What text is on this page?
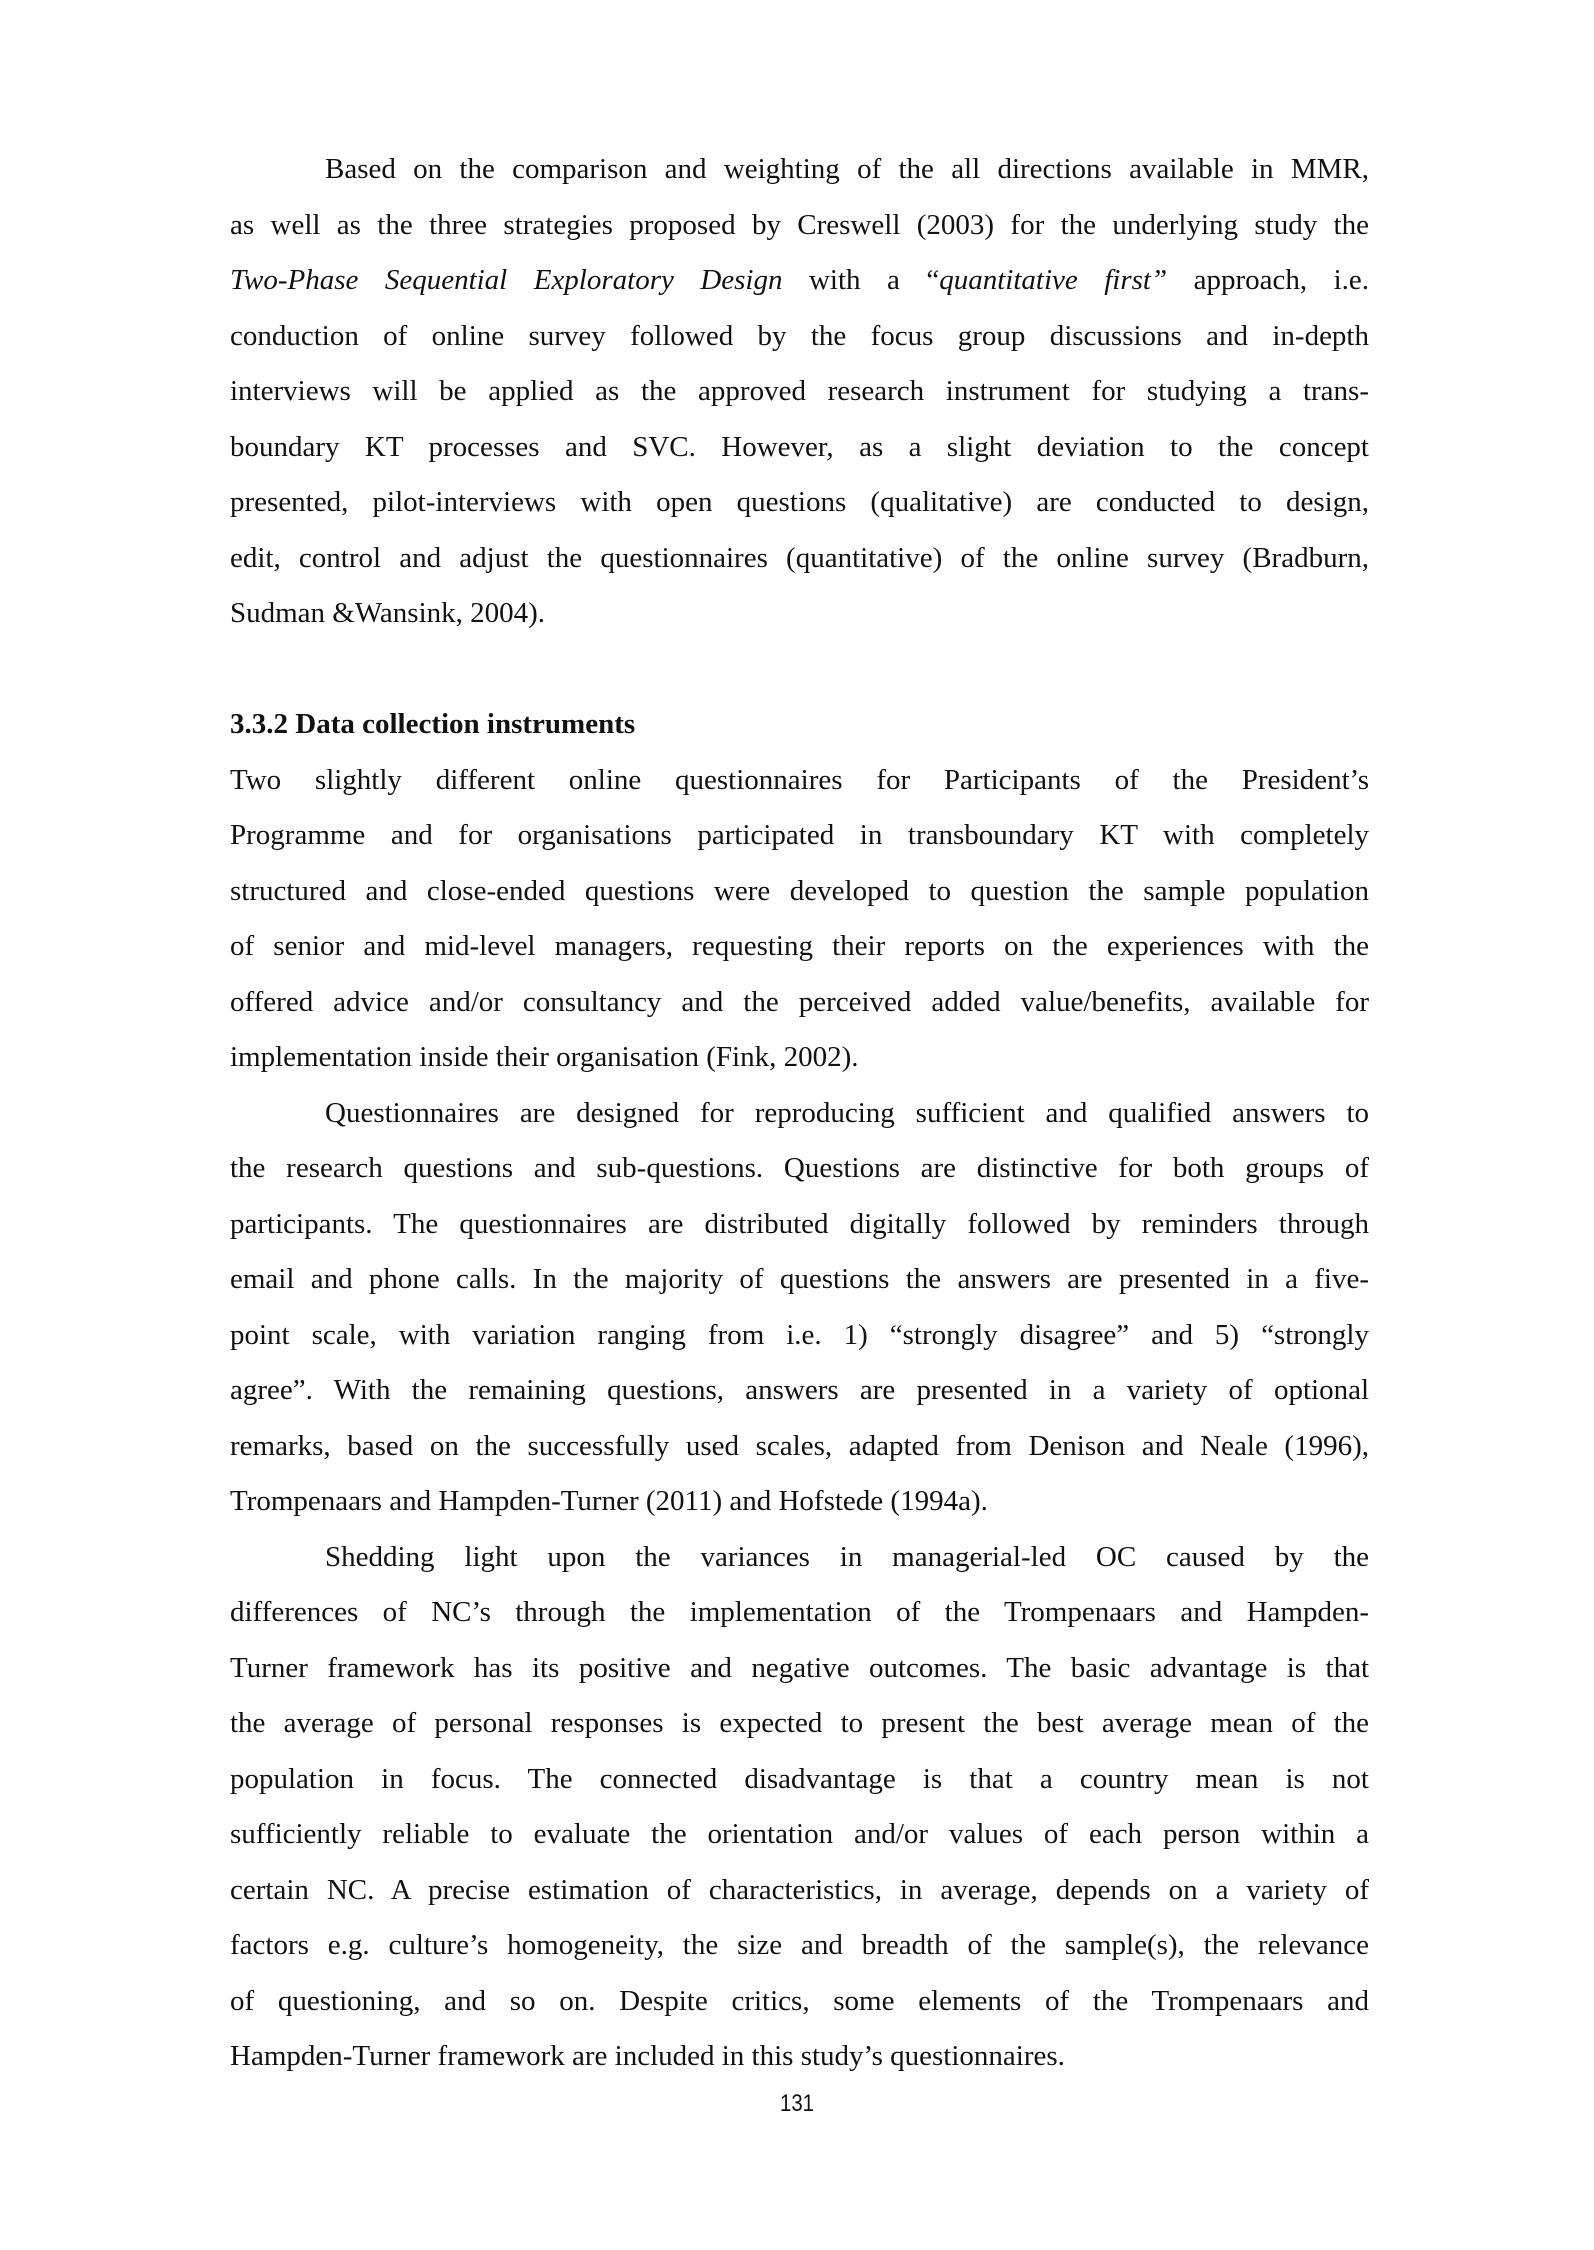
131
Based on the comparison and weighting of the all directions available in MMR,
as well as the three strategies proposed by Creswell (2003) for the underlying study the
Two-Phase Sequential Exploratory Design with a “quantitative first” approach, i.e.
conduction of online survey followed by the focus group discussions and in-depth
interviews will be applied as the approved research instrument for studying a trans-
boundary KT processes and SVC. However, as a slight deviation to the concept
presented, pilot-interviews with open questions (qualitative) are conducted to design,
edit, control and adjust the questionnaires (quantitative) of the online survey (Bradburn,
Sudman &Wansink, 2004).
Two slightly different online questionnaires for Participants of the President’s
Programme and for organisations participated in transboundary KT with completely
structured and close-ended questions were developed to question the sample population
of senior and mid-level managers, requesting their reports on the experiences with the
offered advice and/or consultancy and the perceived added value/benefits, available for
implementation inside their organisation (Fink, 2002).
Questionnaires are designed for reproducing sufficient and qualified answers to
the research questions and sub-questions. Questions are distinctive for both groups of
participants. The questionnaires are distributed digitally followed by reminders through
email and phone calls. In the majority of questions the answers are presented in a five-
point scale, with variation ranging from i.e. 1) “strongly disagree” and 5) “strongly
agree”. With the remaining questions, answers are presented in a variety of optional
remarks, based on the successfully used scales, adapted from Denison and Neale (1996),
Trompenaars and Hampden-Turner (2011) and Hofstede (1994a).
Shedding light upon the variances in managerial-led OC caused by the
differences of NC’s through the implementation of the Trompenaars and Hampden-
Turner framework has its positive and negative outcomes. The basic advantage is that
the average of personal responses is expected to present the best average mean of the
population in focus. The connected disadvantage is that a country mean is not
sufficiently reliable to evaluate the orientation and/or values of each person within a
certain NC. A precise estimation of characteristics, in average, depends on a variety of
factors e.g. culture’s homogeneity, the size and breadth of the sample(s), the relevance
of questioning, and so on. Despite critics, some elements of the Trompenaars and
Hampden-Turner framework are included in this study’s questionnaires.
3.3.2 Data collection instruments
